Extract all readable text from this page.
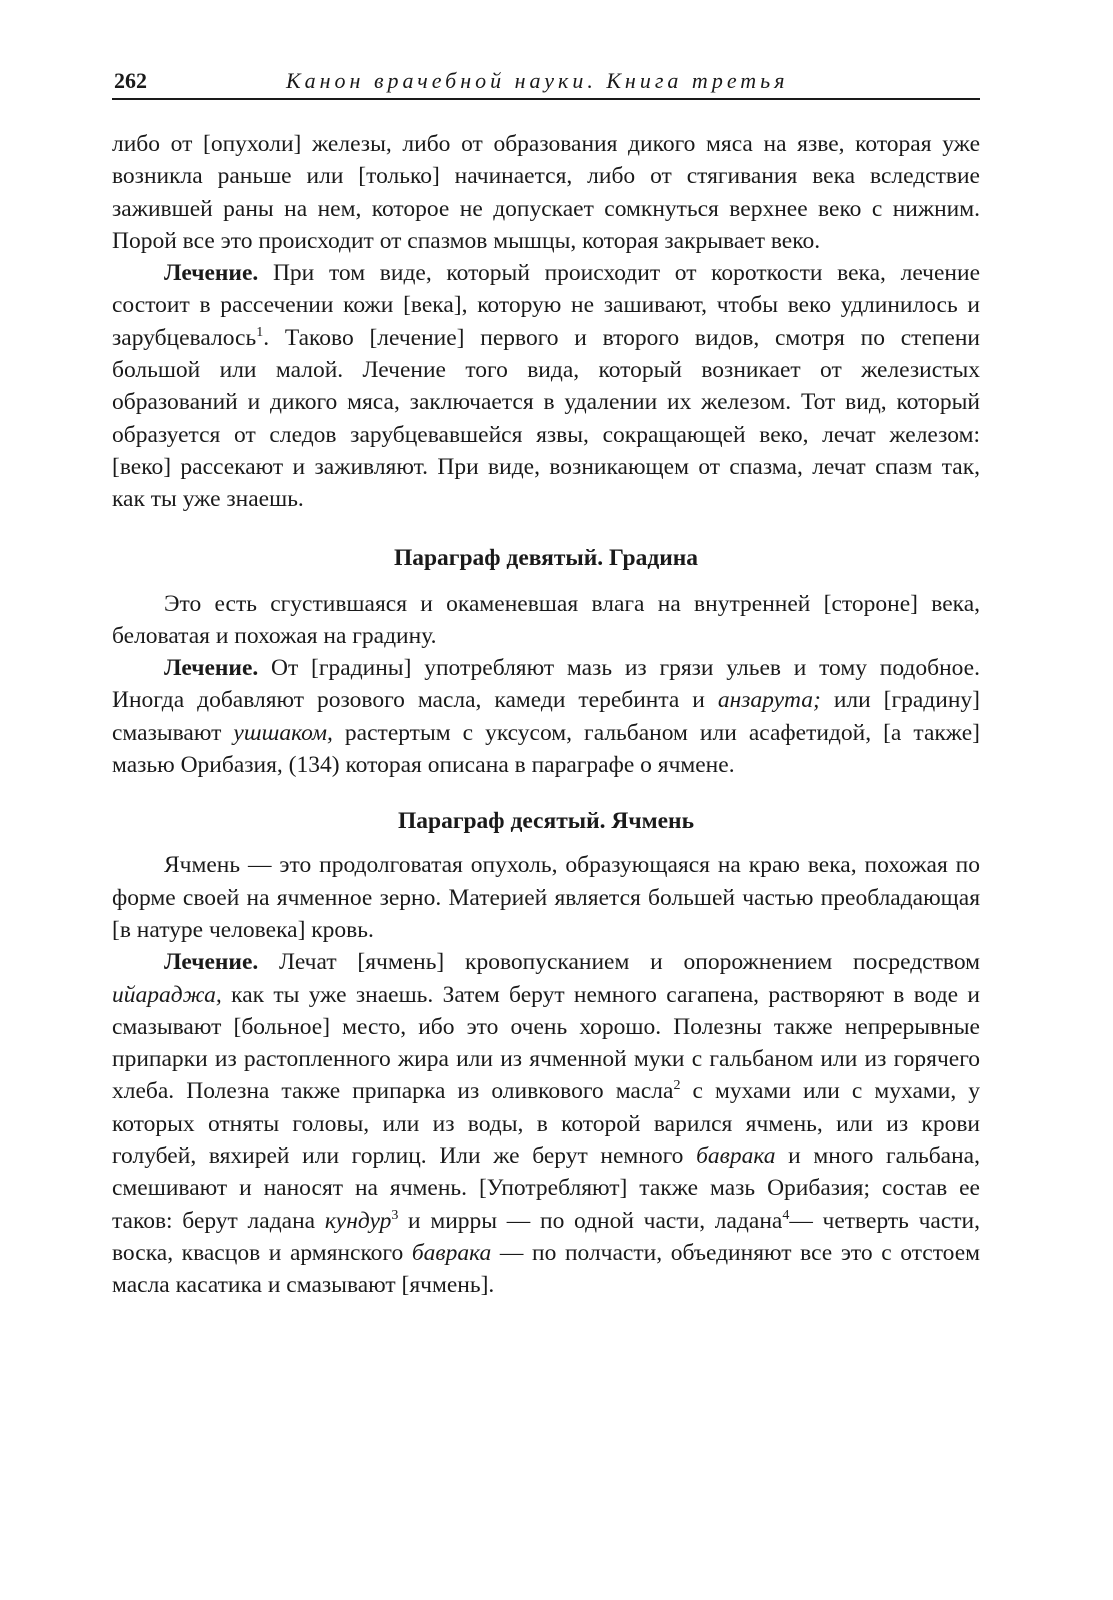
262	Канон врачебной науки. Книга третья

либо от [опухоли] железы, либо от образования дикого мяса на язве, которая уже возникла раньше или [только] начинается, либо от стягивания века вследствие зажившей раны на нем, которое не допускает сомкнуться верхнее веко с нижним. Порой все это происходит от спазмов мышцы, которая закрывает веко.

Лечение. При том виде, который происходит от короткости века, лечение состоит в рассечении кожи [века], которую не зашивают, чтобы веко удлинилось и зарубцевалось$^1$. Таково [лечение] первого и второго видов, смотря по степени большой или малой. Лечение того вида, который возникает от железистых образований и дикого мяса, заключается в удалении их железом. Тот вид, который образуется от следов зарубцевавшейся язвы, сокращающей веко, лечат железом: [веко] рассекают и заживляют. При виде, возникающем от спазма, лечат спазм так, как ты уже знаешь.

Параграф девятый. Градина

Это есть сгустившаяся и окаменевшая влага на внутренней [стороне] века, беловатая и похожая на градину.

Лечение. От [градины] употребляют мазь из грязи ульев и тому подобное. Иногда добавляют розового масла, камеди теребинта и анзарута; или [градину] смазывают ушшаком, растертым с уксусом, гальбаном или асафетидой, [а также] мазью Орибазия, (134) которая описана в параграфе о ячмене.

Параграф десятый. Ячмень

Ячмень — это продолговатая опухоль, образующаяся на краю века, похожая по форме своей на ячменное зерно. Материей является большей частью преобладающая [в натуре человека] кровь.

Лечение. Лечат [ячмень] кровопусканием и опорожнением посредством ийараджа, как ты уже знаешь. Затем берут немного сагапена, растворяют в воде и смазывают [больное] место, ибо это очень хорошо. Полезны также непрерывные припарки из растопленного жира или из ячменной муки с гальбаном или из горячего хлеба. Полезна также припарка из оливкового масла$^2$ с мухами или с мухами, у которых отняты головы, или из воды, в которой варился ячмень, или из крови голубей, вяхирей или горлиц. Или же берут немного баврака и много гальбана, смешивают и наносят на ячмень. [Употребляют] также мазь Орибазия; состав ее таков: берут ладана кундур$^3$ и мирры — по одной части, ладана$^4$— четверть части, воска, квасцов и армянского баврака — по полчасти, объединяют все это с отстоем масла касатика и смазывают [ячмень].
